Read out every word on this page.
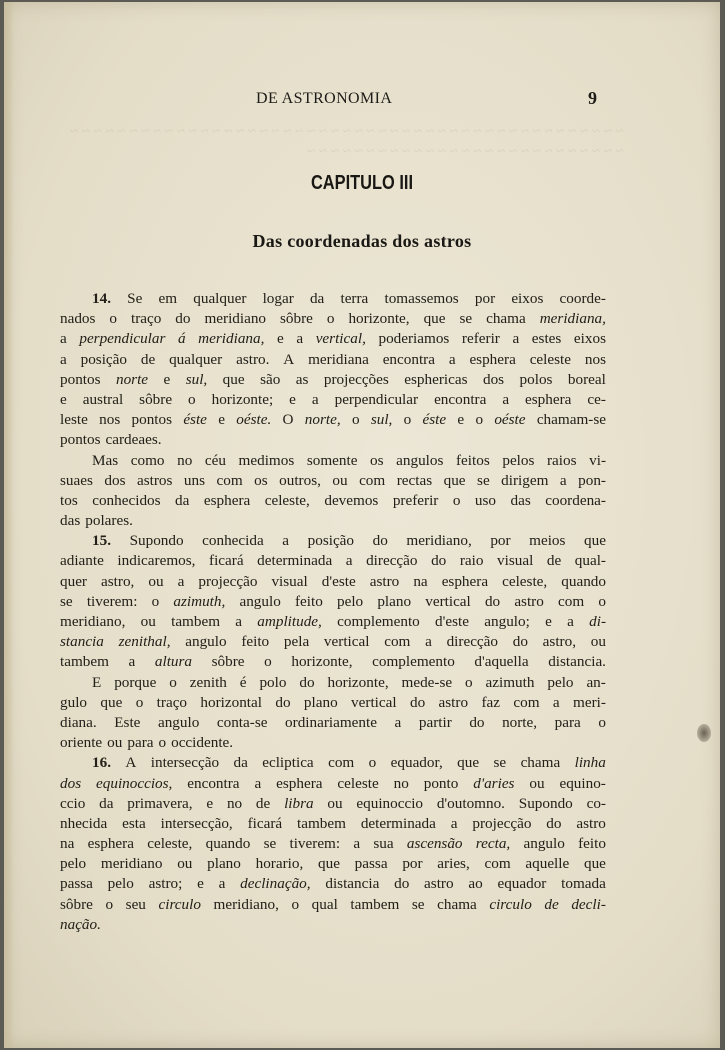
~ ~ ~ ~ ~ ~ ~ ~ ~ ~ ~ ~ ~ ~ ~ ~ ~ ~ ~ ~ ~ ~ ~ ~ ~ ~ ~ ~ ~ ~ ~ ~ ~ ~ ~ ~ ~ ~ ~ ~ ~ ~ ~ ~ ~ ~ ~ ~ ~ ~ ~ ~ ~ ~ ~ ~ ~ ~ ~ ~ ~ ~ ~ ~ ~ ~ ~ ~ ~ ~ ~ ~ ~ ~
DE ASTRONOMIA	9
CAPITULO III
Das coordenadas dos astros
14. Se em qualquer logar da terra tomassemos por eixos coorde-
nados o traço do meridiano sôbre o horizonte, que se chama meridiana,
a perpendicular á meridiana, e a vertical, poderiamos referir a estes eixos
a posição de qualquer astro. A meridiana encontra a esphera celeste nos
pontos norte e sul, que são as projecções esphericas dos polos boreal
e austral sôbre o horizonte; e a perpendicular encontra a esphera ce-
leste nos pontos éste e oéste. O norte, o sul, o éste e o oéste chamam-se
pontos cardeaes.
Mas como no céu medimos somente os angulos feitos pelos raios vi-
suaes dos astros uns com os outros, ou com rectas que se dirigem a pon-
tos conhecidos da esphera celeste, devemos preferir o uso das coordena-
das polares.
15. Supondo conhecida a posição do meridiano, por meios que
adiante indicaremos, ficará determinada a direcção do raio visual de qual-
quer astro, ou a projecção visual d'este astro na esphera celeste, quando
se tiverem: o azimuth, angulo feito pelo plano vertical do astro com o
meridiano, ou tambem a amplitude, complemento d'este angulo; e a di-
stancia zenithal, angulo feito pela vertical com a direcção do astro, ou
tambem a altura sôbre o horizonte, complemento d'aquella distancia.
E porque o zenith é polo do horizonte, mede-se o azimuth pelo an-
gulo que o traço horizontal do plano vertical do astro faz com a meri-
diana. Este angulo conta-se ordinariamente a partir do norte, para o
oriente ou para o occidente.
16. A intersecção da ecliptica com o equador, que se chama linha
dos equinoccios, encontra a esphera celeste no ponto d'aries ou equino-
ccio da primavera, e no de libra ou equinoccio d'outomno. Supondo co-
nhecida esta intersecção, ficará tambem determinada a projecção do astro
na esphera celeste, quando se tiverem: a sua ascensão recta, angulo feito
pelo meridiano ou plano horario, que passa por aries, com aquelle que
passa pelo astro; e a declinação, distancia do astro ao equador tomada
sôbre o seu circulo meridiano, o qual tambem se chama circulo de decli-
nação.
